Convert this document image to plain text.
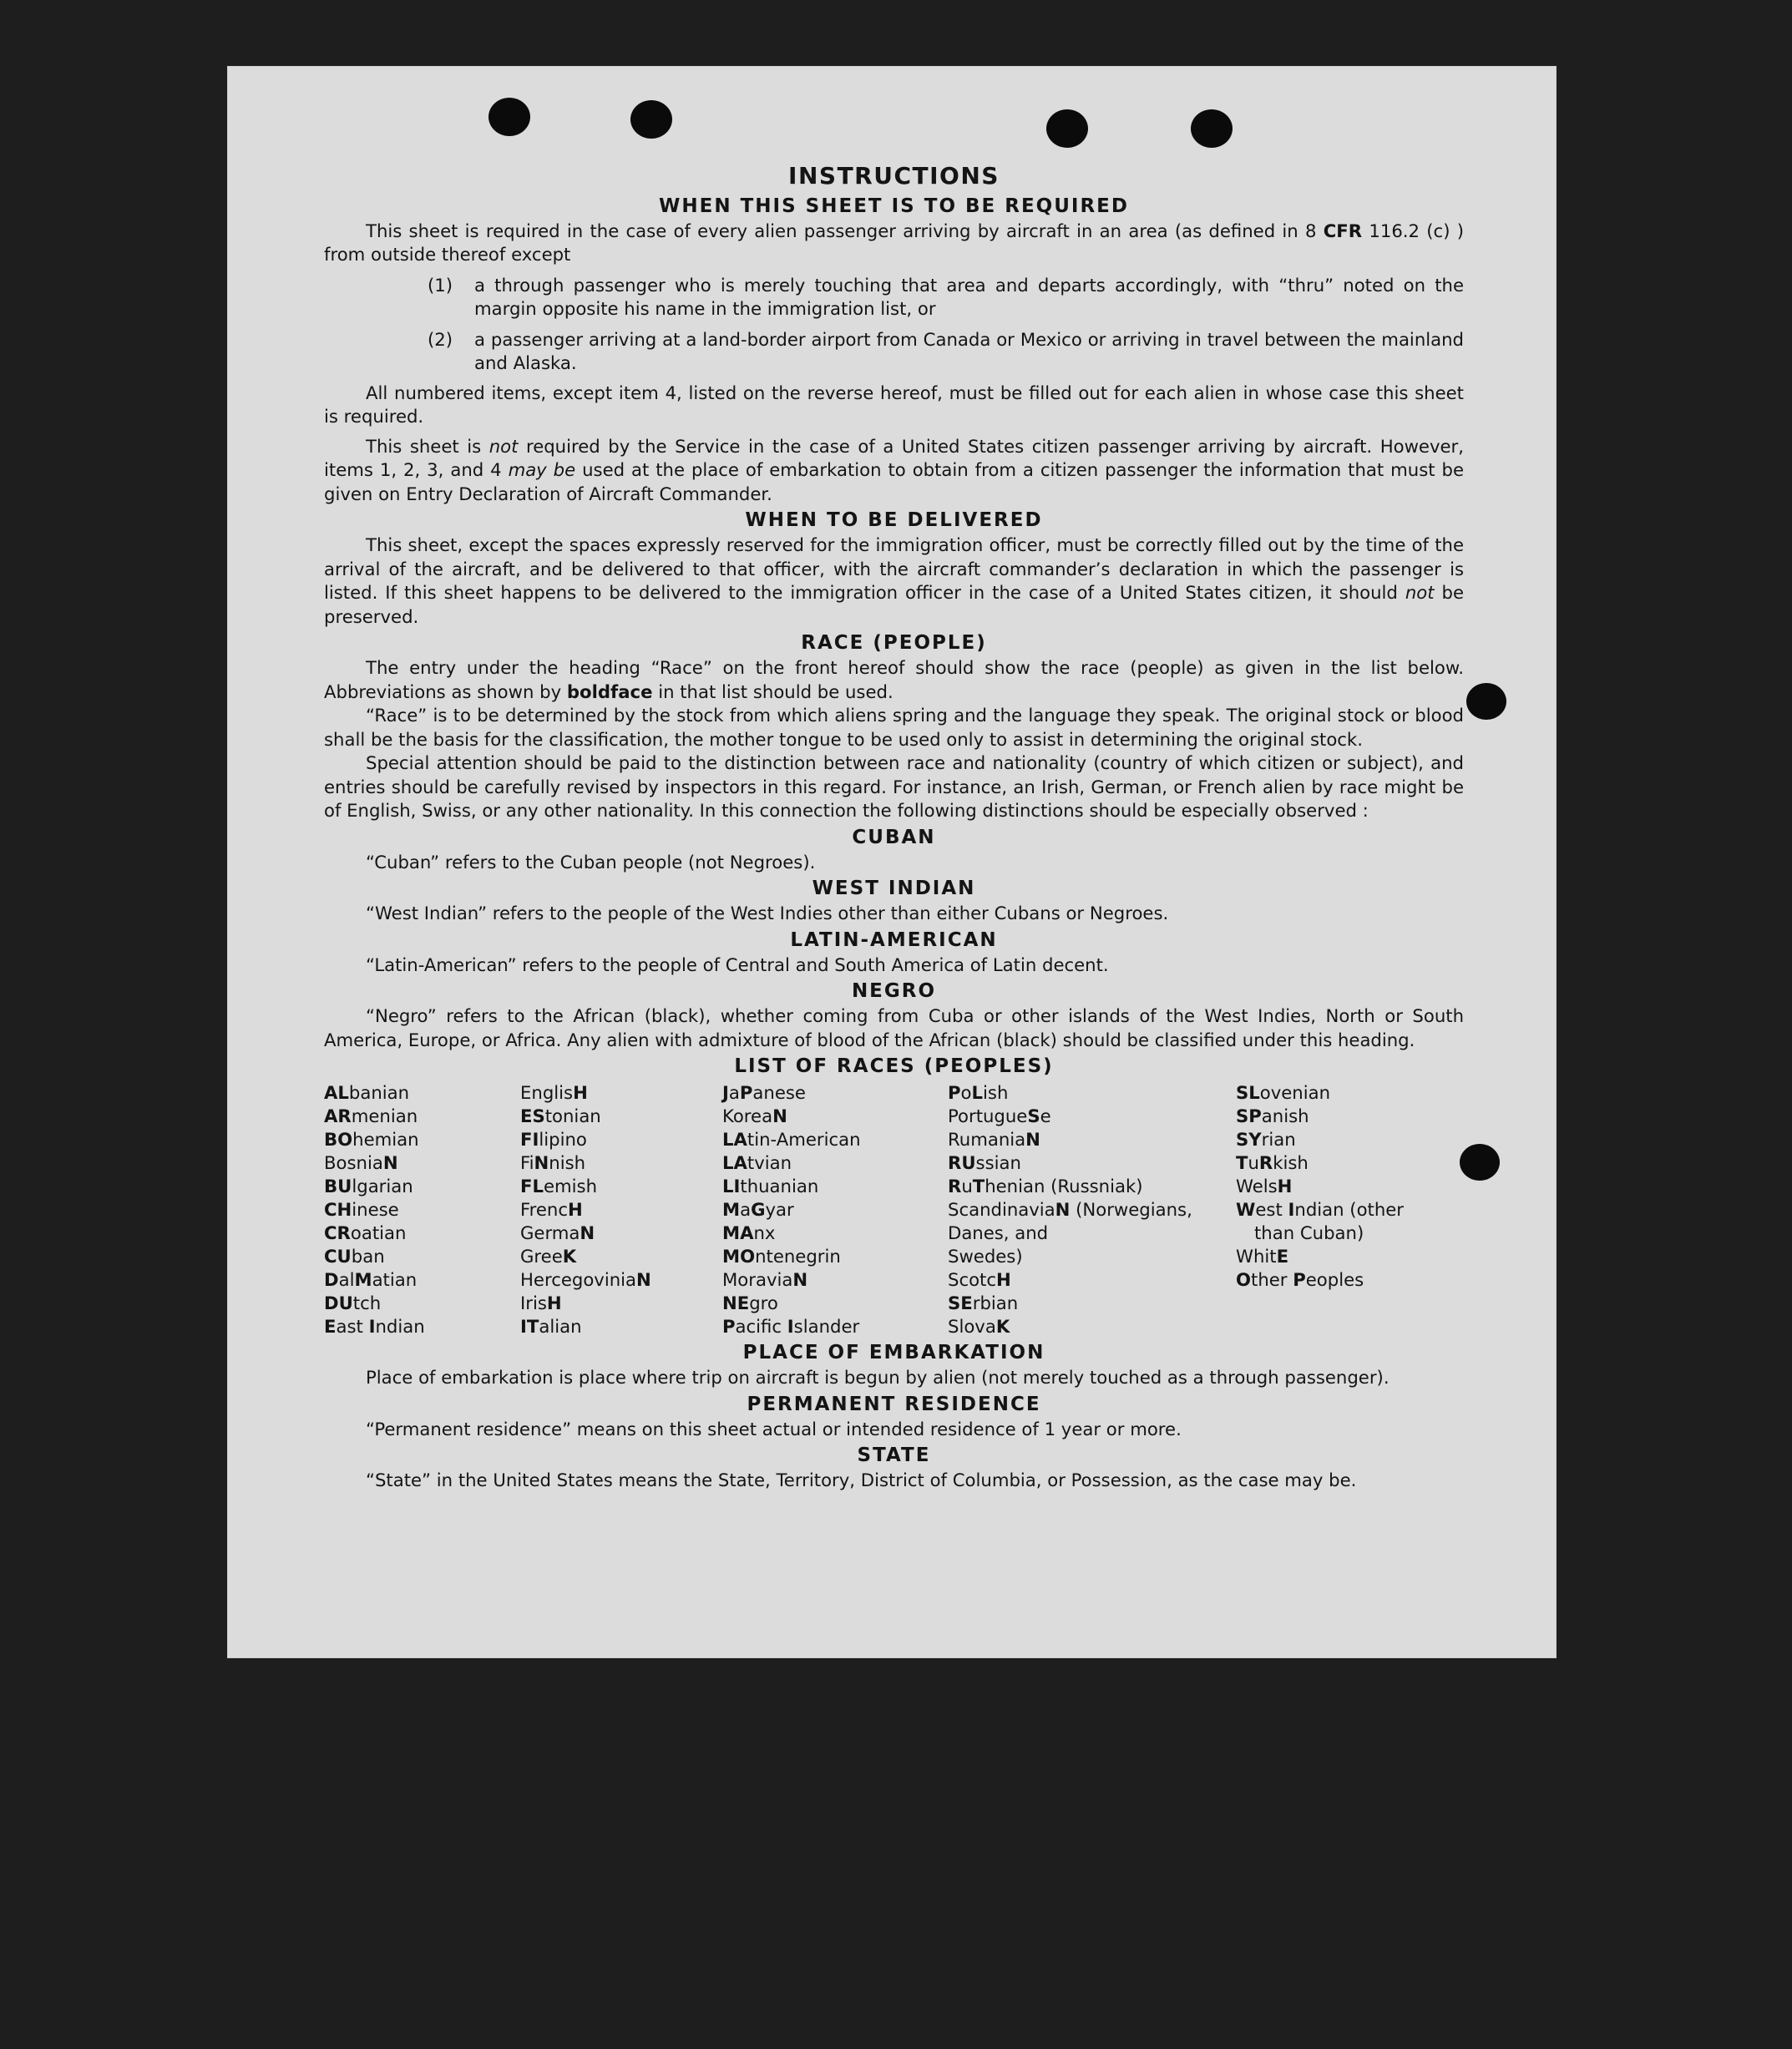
INSTRUCTIONS
WHEN THIS SHEET IS TO BE REQUIRED

This sheet is required in the case of every alien passenger arriving by aircraft in an area (as defined in 8 CFR 116.2 (c) ) from outside thereof except

(1)	a through passenger who is merely touching that area and departs accordingly, with “thru” noted on the margin opposite his name in the immigration list, or
(2)	a passenger arriving at a land-border airport from Canada or Mexico or arriving in travel between the mainland and Alaska.

All numbered items, except item 4, listed on the reverse hereof, must be filled out for each alien in whose case this sheet is required.

This sheet is not required by the Service in the case of a United States citizen passenger arriving by aircraft. However, items 1, 2, 3, and 4 may be used at the place of embarkation to obtain from a citizen passenger the information that must be given on Entry Declaration of Aircraft Commander.

WHEN TO BE DELIVERED

This sheet, except the spaces expressly reserved for the immigration officer, must be correctly filled out by the time of the arrival of the aircraft, and be delivered to that officer, with the aircraft commander’s declaration in which the passenger is listed. If this sheet happens to be delivered to the immigration officer in the case of a United States citizen, it should not be preserved.

RACE (PEOPLE)

The entry under the heading “Race” on the front hereof should show the race (people) as given in the list below. Abbreviations as shown by boldface in that list should be used.

“Race” is to be determined by the stock from which aliens spring and the language they speak. The original stock or blood shall be the basis for the classification, the mother tongue to be used only to assist in determining the original stock.

Special attention should be paid to the distinction between race and nationality (country of which citizen or subject), and entries should be carefully revised by inspectors in this regard. For instance, an Irish, German, or French alien by race might be of English, Swiss, or any other nationality. In this connection the following distinctions should be especially observed :

CUBAN

“Cuban” refers to the Cuban people (not Negroes).

WEST INDIAN

“West Indian” refers to the people of the West Indies other than either Cubans or Negroes.

LATIN-AMERICAN

“Latin-American” refers to the people of Central and South America of Latin decent.

NEGRO

“Negro” refers to the African (black), whether coming from Cuba or other islands of the West Indies, North or South America, Europe, or Africa. Any alien with admixture of blood of the African (black) should be classified under this heading.

LIST OF RACES (PEOPLES)
ALbanian
ARmenian
BOhemian
BosniaN
BUlgarian
CHinese
CRoatian
CUban
DalMatian
DUtch
East Indian
EnglisH
EStonian
FIlipino
FiNnish
FLemish
FrencH
GermaN
GreeK
HercegoviniaN
IrisH
ITalian
JaPanese
KoreaN
LAtin-American
LAtvian
LIthuanian
MaGyar
MAnx
MOntenegrin
MoraviaN
NEgro
Pacific Islander
PoLish
PortugueSe
RumaniaN
RUssian
RuThenian (Russniak)
ScandinaviaN (Norwegians,
Danes, and
Swedes)
ScotcH
SErbian
SlovaK
SLovenian
SPanish
SYrian
TuRkish
WelsH
West Indian (other
than Cuban)
WhitE
Other Peoples
PLACE OF EMBARKATION

Place of embarkation is place where trip on aircraft is begun by alien (not merely touched as a through passenger).

PERMANENT RESIDENCE

“Permanent residence” means on this sheet actual or intended residence of 1 year or more.

STATE

“State” in the United States means the State, Territory, District of Columbia, or Possession, as the case may be.
